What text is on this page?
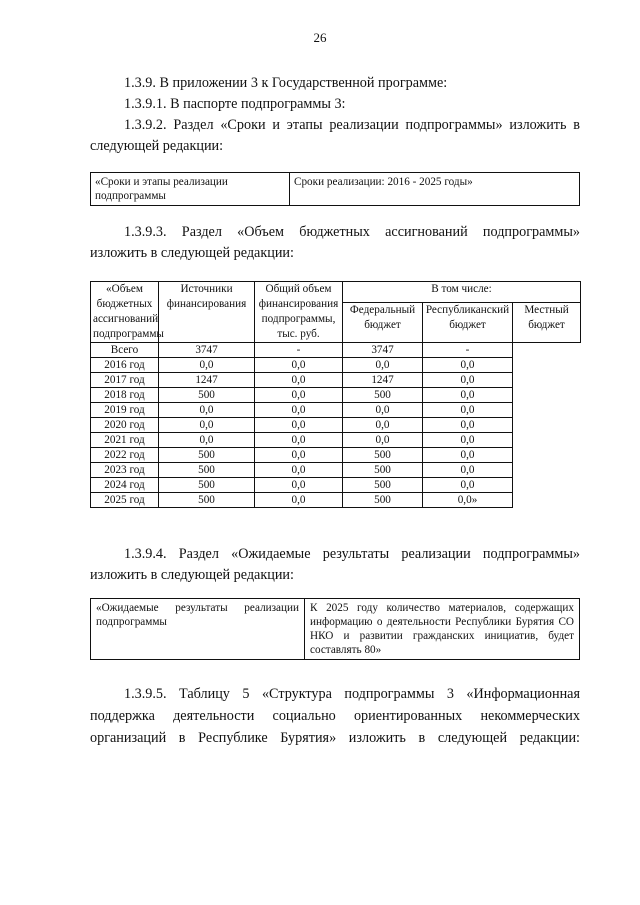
26

1.3.9. В приложении 3 к Государственной программе:

1.3.9.1. В паспорте подпрограммы 3:

1.3.9.2. Раздел «Сроки и этапы реализации подпрограммы» изложить в следующей редакции:

«Сроки и этапы реализации подпрограммы	Сроки реализации: 2016 - 2025 годы»

1.3.9.3. Раздел «Объем бюджетных ассигнований подпрограммы» изложить в следующей редакции:

«Объем бюджетных ассигнований подпрограммы	Источники финансирования	Общий объем финансирования подпрограммы, тыс. руб.	В том числе:		
			Федеральный бюджет	Республиканский бюджет	Местный бюджет
Всего	3747	-	3747	-	
2016 год	0,0	0,0	0,0	0,0	
2017 год	1247	0,0	1247	0,0	
2018 год	500	0,0	500	0,0	
2019 год	0,0	0,0	0,0	0,0	
2020 год	0,0	0,0	0,0	0,0	
2021 год	0,0	0,0	0,0	0,0	
2022 год	500	0,0	500	0,0	
2023 год	500	0,0	500	0,0	
2024 год	500	0,0	500	0,0	
2025 год	500	0,0	500	0,0»	

1.3.9.4. Раздел «Ожидаемые результаты реализации подпрограммы» изложить в следующей редакции:

«Ожидаемые результаты реализации подпрограммы	К 2025 году количество материалов, содержащих информацию о деятельности Республики Бурятия СО НКО и развитии гражданских инициатив, будет составлять 80»

1.3.9.5. Таблицу 5 «Структура подпрограммы 3 «Информационная поддержка деятельности социально ориентированных некоммерческих организаций в Республике Бурятия» изложить в следующей редакции:
